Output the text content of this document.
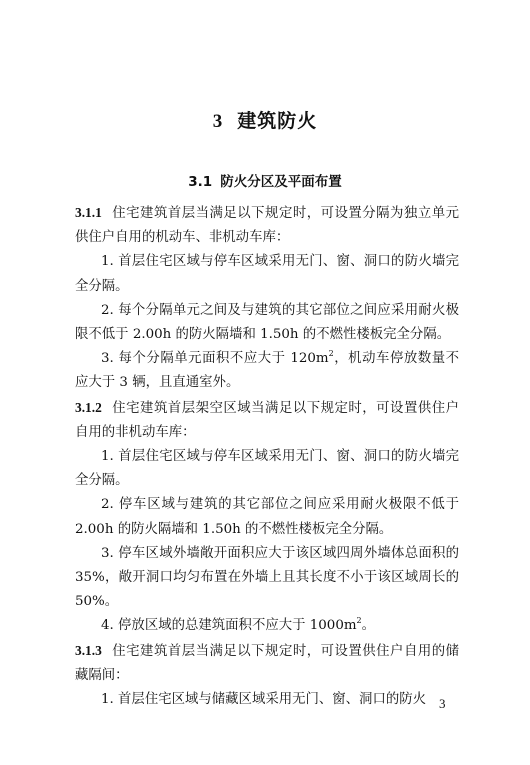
3 建筑防火
3.1 防火分区及平面布置

3.1.1 住宅建筑首层当满足以下规定时，可设置分隔为独立单元供住户自用的机动车、非机动车库：

1. 首层住宅区域与停车区域采用无门、窗、洞口的防火墙完全分隔。

2. 每个分隔单元之间及与建筑的其它部位之间应采用耐火极限不低于 2.00h 的防火隔墙和 1.50h 的不燃性楼板完全分隔。

3. 每个分隔单元面积不应大于 $120m^2$，机动车停放数量不应大于 3 辆，且直通室外。

3.1.2 住宅建筑首层架空区域当满足以下规定时，可设置供住户自用的非机动车库：

1. 首层住宅区域与停车区域采用无门、窗、洞口的防火墙完全分隔。

2. 停车区域与建筑的其它部位之间应采用耐火极限不低于 2.00h 的防火隔墙和 1.50h 的不燃性楼板完全分隔。

3. 停车区域外墙敞开面积应大于该区域四周外墙体总面积的 35%，敞开洞口均匀布置在外墙上且其长度不小于该区域周长的 50%。

4. 停放区域的总建筑面积不应大于 $1000m^2$。

3.1.3 住宅建筑首层当满足以下规定时，可设置供住户自用的储藏隔间：

1. 首层住宅区域与储藏区域采用无门、窗、洞口的防火 3
